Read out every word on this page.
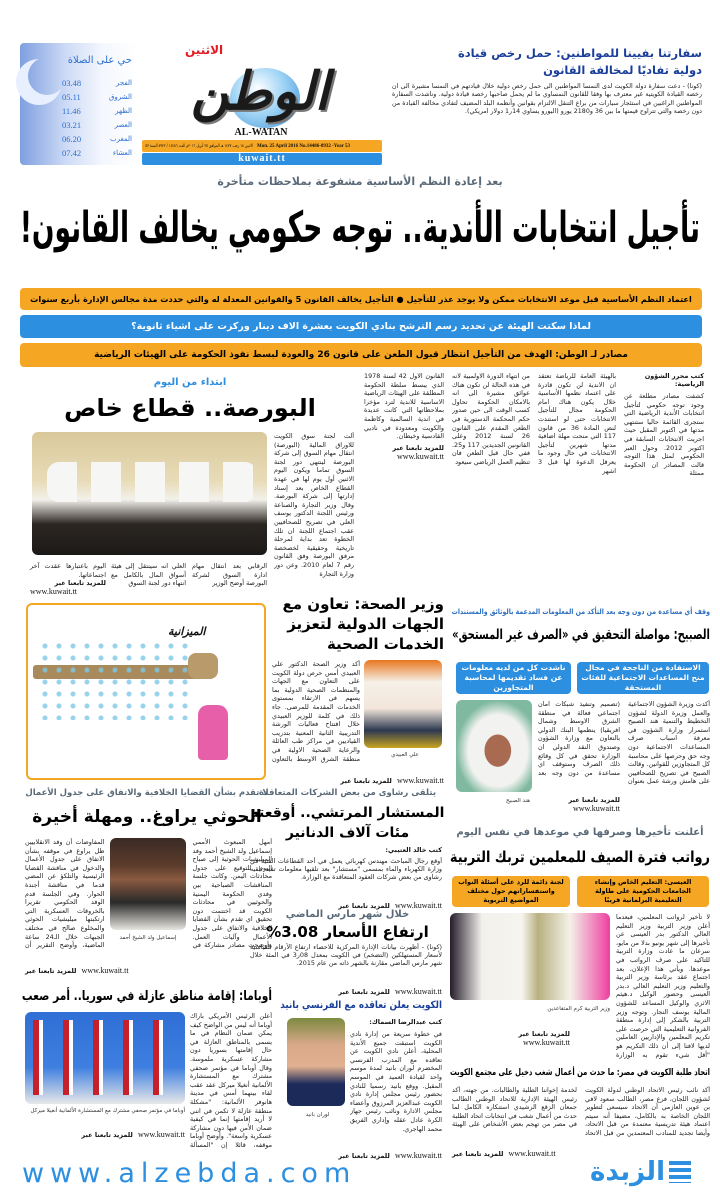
حي على الصلاة
03.48	الفجر
05.11	الشروق
11.46	الظهر
03.21	العصر
06.20	المغرب
07.42	العشاء
الوطن
الاثنين
AL-WATAN
الاثنين ١٨ رجب ١٤٣٧ هـ الموافق ٢٥ أبريل ٢٠١٦م العدد ١٤٤٨٦ / ٨٩٣٢ السنة ٥٣ Mon. 25 April 2016 No.14486-8932 -Year 53
kuwait.tt
سفارتنا بفيينا للمواطنين: حمل رخص قيادة دولية تفاديًا لمخالفة القانون
(كونا) - دعت سفارة دولة الكويت لدى النمسا المواطنين الى حمل رخص دولية خلال قيادتهم في النمسا مشيرة الى ان رخصة القيادة الكويتية غير معترف بها وفقا للقانون النمساوي ما لم يحمل صاحبها رخصة قيادة دولية. وناشدت السفارة المواطنين الراغبين في استئجار سيارات من براع التنقل الالتزام بقوانين وأنظمة البلد المضيف لتفادي مخالفة القيادة من دون رخصة والتي تتراوح قيمتها ما بين 36 و2180 يورو (اليورو يساوي 14ر1 دولار امريكي).
بعد إعادة النظم الأساسية مشفوعة بملاحظات متأخرة
تأجيل انتخابات الأندية.. توجه حكومي يخالف القانون!
اعتماد النظم الأساسية قبل موعد الانتخابات ممكن ولا يوجد عذر للتأجيل ● التأجيل يخالف القانون 5 والقوانين المعدلة له والتي حددت مدة مجالس الإدارة بأربع سنوات
لماذا سكتت الهيئة عن تحديد رسم الترشح بنادي الكويت بعشرة الاف دينار وركزت على اشياء ثانوية؟
مصادر لـ الوطن: الهدف من التأجيل انتظار قبول الطعن على قانون 26 والعودة لبسط نفوذ الحكومة على الهيئات الرياضية
كتب محرر الشؤون الرياضية:
كشفت مصادر مطلعة عن وجود توجه حكومي لتأجيل انتخابات الأندية الرياضية التي ستجرى القائمة حاليا ستنتهي مدتها في اكتوبر المقبل حيث اجريت الانتخابات السابقة في اكتوبر 2012. وحول العبر الحكومي لمثل هذا التوجه قالت المصادر ان الحكومة ممثلة
بالهيئة العامة للرياضة تعتقد ان الاندية لن تكون قادرة على اعتماد نظمها الأساسية خلال يكون هناك امام الحكومة مجال للتأجيل الانتخابات حتى لو استندت لنص المادة 36 من قانون 117 التي منحت مهلة اضافية مدتها شهرين لتأجيل الانتخابات في حال وجود ما يعرقل الدعوة لها قبل 3 اشهر
من انتهاء الدورة الاولمبية لانه في هذه الحالة لن تكون هناك عوائق مشيرة الى انه بالامكان الحكومة تحاول كسب الوقت الى حين صدور حكم المحكمة الدستورية في الطعن المقدم على القانون 26 لسنة 2012 وعلى القانونين الجديدين 117 و25. ففي حال قبل الطعن فان تنظيم العمل الرياضي سيعود
القانون الاول 42 لسنة 1978 الذي يبسط سلطة الحكومة المطلقة على الهيئات الرياضية الاساسية للاندية لترد مؤخرا بملاحظاتها التي كانت عديدة في اندية السالمية وكاظمة والكويت ومعدودة في ناديي القادسية وخيطان.
للمزيد تابعنا عبر
www.kuwait.tt
ابتداء من اليوم
البورصة.. قطاع خاص
ألت لجنة سوق الكويت للاوراق المالية (البورصة) انتقال مهام السوق إلى شركة البورصة لينتهي دور لجنة السوق تماما ويكون اليوم الاثنين أول يوم لها في عهدة القطاع الخاص بعد إسناد إدارتها إلى شركة البورصة. وقال وزير التجارة والصناعة ورئيس اللجنة الدكتور يوسف العلي في تصريح للصحافيين عقب اجتماع اللجنة ان تلك الخطوة تعد بداية لمرحلة تاريخية وحقيقية لخصخصة مرفق البورصة وفق القانون رقم 7 لعام 2010. وعن دور وزارة التجارة
الرقابي بعد انتقال مهام ادارة السوق لشركة البورصة أوضح الوزير
العلي انه سينتقل إلى هيئة أسواق المال بالكامل مع انتهاء دور لجنة السوق
اليوم باعتبارها عقدت آخر اجتماعاتها.
للمزيد تابعنا عبر
www.kuwait.tt
الميزانية
وزير الصحة: تعاون مع الجهات الدولية لتعزيز الخدمات الصحية
علي العبيدي
أكد وزير الصحة الدكتور علي العبيدي أمس حرص دولة الكويت على التعاون مع الجهات والمنظمات الصحية الدولية بما يسهم في الارتقاء بمستوى الخدمات المقدمة للمرضى. جاء ذلك في كلمة للوزير العبيدي خلال افتتاح فعاليات الورشة التدريبية الثانية المعنية بتدريب القياديين في مراكز طب العائلة والرعاية الصحية الاولية في منطقة الشرق الاوسط بالتعاون
للمزيد تابعنا عبر www.kuwait.tt
وقف أي مساعدة من دون وجه بعد التأكد من المعلومات المدعمة بالوثائق والمستندات
الصبيح: مواصلة التحقيق في «الصرف غير المستحق»
الاستفادة من الناجحة في مجال منح المساعدات الاجتماعية للفئات المستحقة
ناشدت كل من لديه معلومات عن فساد تقديمها لمحاسبة المتجاوزين
هند الصبيح
أكدت وزيرة الشؤون الاجتماعية والعمل وزيرة الدولة لشؤون التخطيط والتنمية هند الصبيح استمرار وزارة الشؤون في معرفة اسباب صرف المساعدات الاجتماعية دون وجه حق وحرصها على محاسبة كل المتجاوزين للقوانين. وقالت الصبيح في تصريح للصحافيين على هامش ورشة عمل بعنوان (تصميم وتنفيذ شبكات امان اجتماعي فعالة في منطقة الشرق الاوسط وشمال افريقيا) ينظمها البنك الدولي بالتعاون مع وزارة الشؤون وصندوق النقد الدولي ان الوزارة تحقق في كل وقائع ذلك الصرف وستوقف اي مساعدة من دون وجه بعد
للمزيد تابعنا عبر
www.kuwait.tt
لا تقدم بشأن القضايا الخلافية والاتفاق على جدول الأعمال
الحوثي يراوغ.. ومهلة أخيرة
إسماعيل ولد الشيخ أحمد
أمهل المبعوث الأممي إسماعيل ولد الشيخ أحمد وفد الميليشيات الحوثية إلى صباح اليوم للتوقيع على جدول محادثات اليمن. وكانت جلسة المناقشات الصباحية بين وفدي الحكومة اليمنية والحوثيين في محادثات الكويت قد اختتمت دون تحقيق اي تقدم بشأن القضايا الخلافية والاتفاق على جدول الأعمال وآليات العمل. وأوضحت مصادر مشاركة في المفاوضات أن وفد الانقلابيين ظل يراوغ في موقفه بشأن الاتفاق على جدول الأعمال والدخول في مناقشة القضايا الرئيسية والتلكؤ عن المضي قدما في مناقشة أجندة الحوار. وفي الجلسة قدم الوفد الحكومي تقريرا بالخروقات العسكرية التي ارتكبتها ميليشيات الحوثي والمخلوع صالح في مختلف الجبهات خلال الـ24 ساعة الماضية، وأوضح التقرير أن
للمزيد تابعنا عبر www.kuwait.tt
يتلقى رشاوى من بعض الشركات المتعاقدة
المستشار المرتشي.. أوقعته مئات آلاف الدنانير
كتب خالد العتيبي:
أوقع رجال المباحث مهندس كهربائي يعمل في أحد القطاعات الفنية في وزارة الكهرباء والماء بمسمى "مستشار" بعد تلقيها معلومات تفيد تلقيه رشاوى من بعض شركات العقود المتعاقدة مع الوزارة.
للمزيد تابعنا عبر www.kuwait.tt
خلال شهر مارس الماضي
ارتفاع الأسعار 3.08%
(كونا) - أظهرت بيانات الإدارة المركزية للاحصاء ارتفاع الأرقام القياسية لأسعار المستهلكين (التضخم) في الكويت بمعدل 08ر3 في المئة خلال شهر مارس الماضي مقارنة بالشهر ذاته من عام 2015.
للمزيد تابعنا عبر www.kuwait.tt
أعلنت تأخيرها وصرفها في موعدها في نفس اليوم
رواتب فترة الصيف للمعلمين تربك التربية
العيسى: التعليم الخاص وإنشاء الجامعات الحكومية على طاولة التعليمية البرلمانية قريبًا
لجنة دائمة للرد على أسئلة النواب واستفساراتهم حول مختلف المواضيع التربوية
وزير التربية كرم المتقاعدين
لا تأخير لرواتب المعلمين، فبعدما أعلن وزير التربية وزير التعليم العالي الدكتور بدر العيسى عن تأخيرها إلى شهر يونيو بدلا من مايو، سرعان ما عادت وزارة التربية للتاكيد على صرف الرواتب في موعدها. ويأتي هذا الإعلان، بعد اجتماع عقد برئاسة وزير التربية والتعليم وزير التعليم العالي د.بدر العيسى وحضور الوكيل د.هيثم الاثري والوكيل المساعد للشؤون المالية يوسف النجار. وتوجه وزير التربية بالشكر إلى إدارة منطقة الفروانية التعليمية التي حرصت على تكريم المعلمين والإداريين العاملين لديها لافتا إلى أن ذلك التكريم هو "أقل شيء تقوم به الوزارة
للمزيد تابعنا عبر
www.kuwait.tt
أوباما: إقامة مناطق عازلة في سوريا.. أمر صعب
أوباما في مؤتمر صحفي مشترك مع المستشارة الألمانية أنغيلا ميركل
أعلن الرئيس الأمريكي باراك أوباما أنه ليس من الواضح كيف يمكن ضمان النظام في ما يسمى بالمناطق العازلة في حال إقامتها بسوريا دون مشاركة عسكرية ملموسة. وقال أوباما في مؤتمر صحفي مشترك مع المستشارة الألمانية أنغيلا ميركل عقد عقب لقاء بينهما أمس في مدينة هانوفر الألمانية: "مشكلة منطقة عازلة لا تكمن في انني لا أريد إقامتها إنما في كيفية ضمان الأمن فيها دون مشاركة عسكرية واسعة". وأوضح أوباما موقفه، قائلا إن "المسألة
للمزيد تابعنا عبر www.kuwait.tt
الكويت يعلن تعاقده مع الفرنسي بانيد
لوران بانيد
كتب عبدالرضا السماك:
في خطوة سريعة من إدارة نادي الكويت استبقت جميع الأندية المحلية، أعلن نادي الكويت عن تعاقده مع المدرب الفرنسي المخضرم لوران بانيد لمدة موسم واحد لقيادة العميد في الموسم المقبل. ووقع بانيد رسميا للنادي بحضور رئيس مجلس إدارة نادي الكويت عبدالعزيز المرزوق وأعضاء مجلس الادارة ونائب رئيس جهاز الكرة عادل عقله وإداري الفريق محمد الهاجري.
للمزيد تابعنا عبر www.kuwait.tt
اتحاد طلبة الكويت في مصر: ما حدث من أعمال شغب دخيل على مجتمع الكويت
أكد نائب رئيس الاتحاد الوطني لدولة الكويت لشؤون اللجان، فرع مصر، الطالب سعود لافي بن عوين العازمي أن الاتحاد سيسعى لتطوير اللجان الخاصة به بالكامل، مضيفا أنه سيتم اعتماد هيئة تدريسية معتمدة من قبل الاتحاد، وأيضا تجديد للمنادب المعتمدين من قبل الاتحاد لخدمة إخواننا الطلبة والطالبات. من جهته، أكد رئيس الهيئة الإدارية للاتحاد الوطني الطالب جمعان الزقع الرشيدي استنكاره الكامل لما حدث من أعمال شغب في انتخابات اتحاد الطلبة في مصر من تهجم بعض الأشخاص على الهيئة
للمزيد تابعنا عبر www.kuwait.tt
www.alzebda.com	الزبدة
